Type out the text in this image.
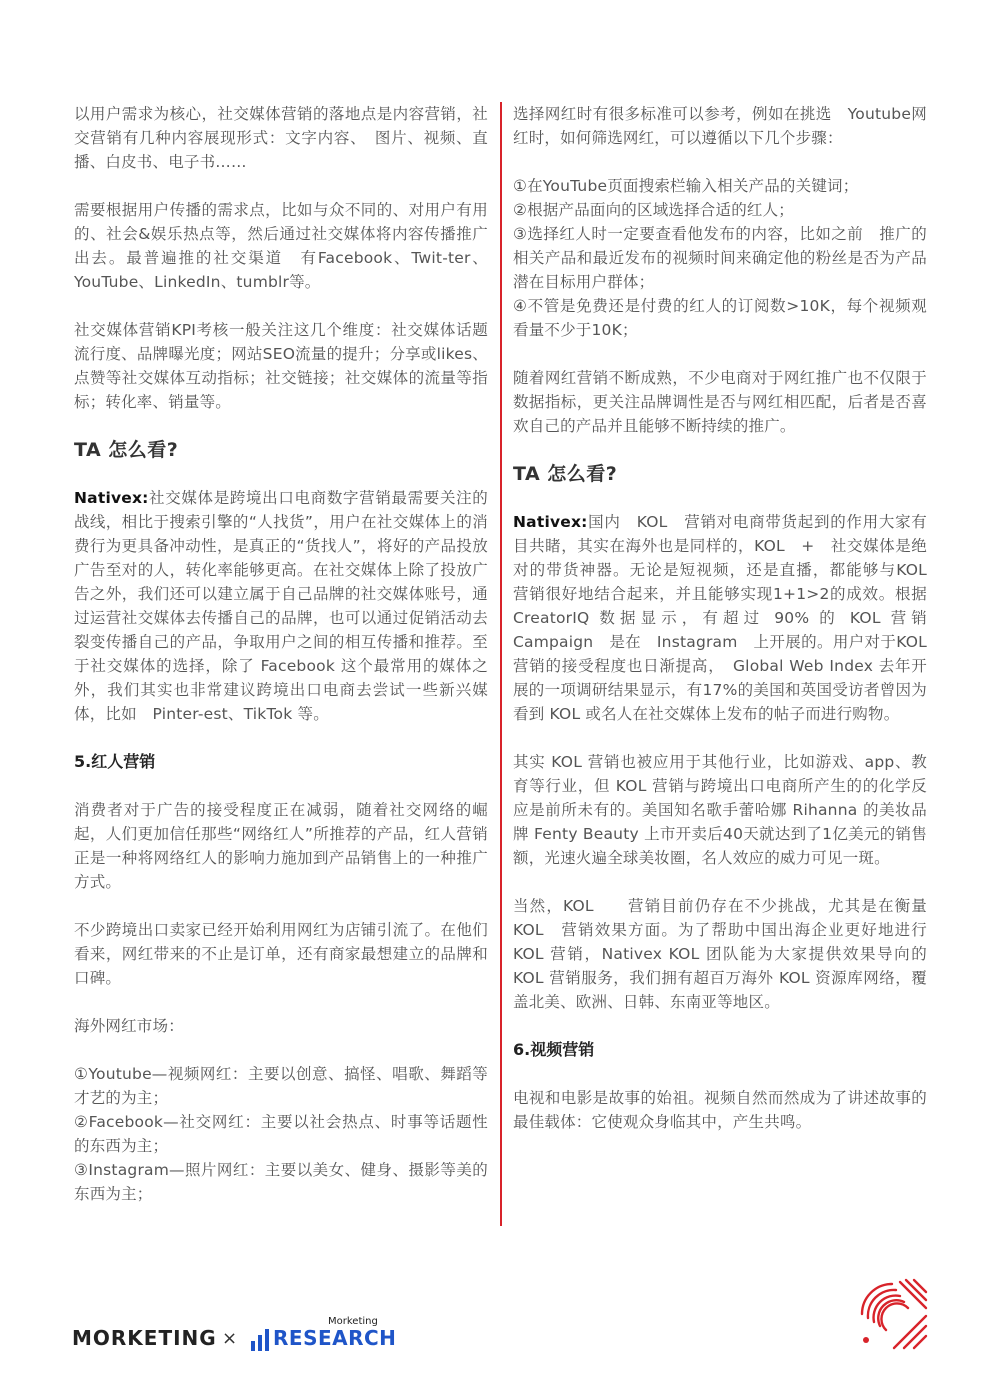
以用户需求为核心，社交媒体营销的落地点是内容营销，社交营销有几种内容展现形式：文字内容、　图片、视频、直播、白皮书、电子书……

需要根据用户传播的需求点，比如与众不同的、对用户有用的、社会&娱乐热点等，然后通过社交媒体将内容传播推广出去。最普遍推的社交渠道　有Facebook、Twit-ter、YouTube、LinkedIn、tumblr等。

社交媒体营销KPI考核一般关注这几个维度：社交媒体话题流行度、品牌曝光度；网站SEO流量的提升；分享或likes、点赞等社交媒体互动指标；社交链接；社交媒体的流量等指标；转化率、销量等。

TA 怎么看?

Nativex:社交媒体是跨境出口电商数字营销最需要关注的战线，相比于搜索引擎的“人找货”，用户在社交媒体上的消费行为更具备冲动性，是真正的“货找人”，将好的产品投放广告至对的人，转化率能够更高。在社交媒体上除了投放广告之外，我们还可以建立属于自己品牌的社交媒体账号，通过运营社交媒体去传播自己的品牌，也可以通过促销活动去裂变传播自己的产品，争取用户之间的相互传播和推荐。至于社交媒体的选择，除了 Facebook 这个最常用的媒体之外，我们其实也非常建议跨境出口电商去尝试一些新兴媒体，比如　Pinter-est、TikTok 等。

5.红人营销

消费者对于广告的接受程度正在减弱，随着社交网络的崛起，人们更加信任那些“网络红人”所推荐的产品，红人营销正是一种将网络红人的影响力施加到产品销售上的一种推广方式。

不少跨境出口卖家已经开始利用网红为店铺引流了。在他们看来，网红带来的不止是订单，还有商家最想建立的品牌和口碑。

海外网红市场：

①Youtube—视频网红：主要以创意、搞怪、唱歌、舞蹈等才艺的为主；

②Facebook—社交网红：主要以社会热点、时事等话题性的东西为主；

③Instagram—照片网红：主要以美女、健身、摄影等美的东西为主；

选择网红时有很多标准可以参考，例如在挑选　Youtube网红时，如何筛选网红，可以遵循以下几个步骤：

①在YouTube页面搜索栏输入相关产品的关键词；

②根据产品面向的区域选择合适的红人；

③选择红人时一定要查看他发布的内容，比如之前　推广的相关产品和最近发布的视频时间来确定他的粉丝是否为产品潜在目标用户群体；

④不管是免费还是付费的红人的订阅数>10K，每个视频观看量不少于10K；

随着网红营销不断成熟，不少电商对于网红推广也不仅限于数据指标，更关注品牌调性是否与网红相匹配，后者是否喜欢自己的产品并且能够不断持续的推广。

TA 怎么看?

Nativex:国内　KOL　营销对电商带货起到的作用大家有目共睹，其实在海外也是同样的，KOL　+　社交媒体是绝对的带货神器。无论是短视频，还是直播，都能够与KOL　　营销很好地结合起来，并且能够实现1+1>2的成效。根据 CreatorIQ 数据显示，有超过 90% 的 KOL 营销　Campaign　是在　Instagram　上开展的。用户对于KOL 营销的接受程度也日渐提高，　Global Web Index 去年开展的一项调研结果显示，有17%的美国和英国受访者曾因为看到 KOL 或名人在社交媒体上发布的帖子而进行购物。

其实 KOL 营销也被应用于其他行业，比如游戏、app、教育等行业，但 KOL 营销与跨境出口电商所产生的的化学反应是前所未有的。美国知名歌手蕾哈娜 Rihanna 的美妆品牌 Fenty Beauty 上市开卖后40天就达到了1亿美元的销售额，光速火遍全球美妆圈，名人效应的威力可见一斑。

当然，KOL　　营销目前仍存在不少挑战，尤其是在衡量KOL　营销效果方面。为了帮助中国出海企业更好地进行KOL 营销，Nativex KOL 团队能为大家提供效果导向的KOL 营销服务，我们拥有超百万海外 KOL 资源库网络，覆盖北美、欧洲、日韩、东南亚等地区。

6.视频营销

电视和电影是故事的始祖。视频自然而然成为了讲述故事的最佳载体：它使观众身临其中，产生共鸣。

MORKETING ×
Morketing
RESEARCH
